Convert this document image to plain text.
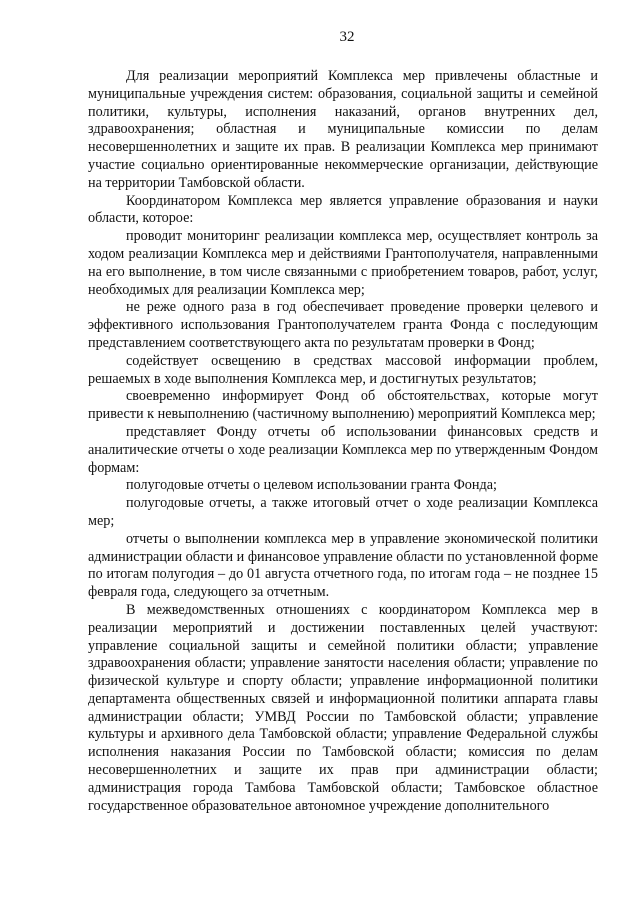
32

Для реализации мероприятий Комплекса мер привлечены областные и муниципальные учреждения систем: образования, социальной защиты и семейной политики, культуры, исполнения наказаний, органов внутренних дел, здравоохранения; областная и муниципальные комиссии по делам несовершеннолетних и защите их прав. В реализации Комплекса мер принимают участие социально ориентированные некоммерческие организации, действующие на территории Тамбовской области.

Координатором Комплекса мер является управление образования и науки области, которое:

проводит мониторинг реализации комплекса мер, осуществляет контроль за ходом реализации Комплекса мер и действиями Грантополучателя, направленными на его выполнение, в том числе связанными с приобретением товаров, работ, услуг, необходимых для реализации Комплекса мер;

не реже одного раза в год обеспечивает проведение проверки целевого и эффективного использования Грантополучателем гранта Фонда с последующим представлением соответствующего акта по результатам проверки в Фонд;

содействует освещению в средствах массовой информации проблем, решаемых в ходе выполнения Комплекса мер, и достигнутых результатов;

своевременно информирует Фонд об обстоятельствах, которые могут привести к невыполнению (частичному выполнению) мероприятий Комплекса мер;

представляет Фонду отчеты об использовании финансовых средств и аналитические отчеты о ходе реализации Комплекса мер по утвержденным Фондом формам:

полугодовые отчеты о целевом использовании гранта Фонда;

полугодовые отчеты, а также итоговый отчет о ходе реализации Комплекса мер;

отчеты о выполнении комплекса мер в управление экономической политики администрации области и финансовое управление области по установленной форме по итогам полугодия – до 01 августа отчетного года, по итогам года – не позднее 15 февраля года, следующего за отчетным.

В межведомственных отношениях с координатором Комплекса мер в реализации мероприятий и достижении поставленных целей участвуют: управление социальной защиты и семейной политики области; управление здравоохранения области; управление занятости населения области; управление по физической культуре и спорту области; управление информационной политики департамента общественных связей и информационной политики аппарата главы администрации области; УМВД России по Тамбовской области; управление культуры и архивного дела Тамбовской области; управление Федеральной службы исполнения наказания России по Тамбовской области; комиссия по делам несовершеннолетних и защите их прав при администрации области; администрация города Тамбова Тамбовской области; Тамбовское областное государственное образовательное автономное учреждение дополнительного
